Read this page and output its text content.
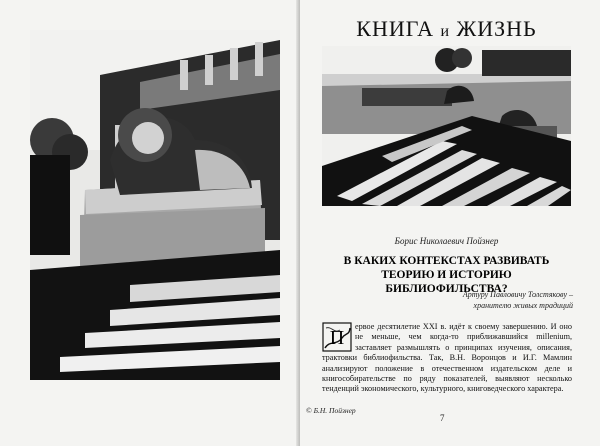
КНИГА и ЖИЗНЬ
Борис Николаевич Пойзнер
В КАКИХ КОНТЕКСТАХ РАЗВИВАТЬ
ТЕОРИЮ И ИСТОРИЮ БИБЛИОФИЛЬСТВА?
Артуру Павловичу Толстякову –
хранителю живых традиций
П
ервое десятилетие XXI в. идёт к своему завершению. И оно не меньше, чем когда-то приближавшийся millenium, заставляет размышлять о принципах изучения, описания, трактовки библиофильства. Так, В.Н. Воронцов и И.Г. Мамлин анализируют положение в отечественном издательском деле и книгособирательстве по ряду показателей, выявляют несколько тенденций экономического, культурного, книговедческого характера.
© Б.Н. Пойзнер
7
